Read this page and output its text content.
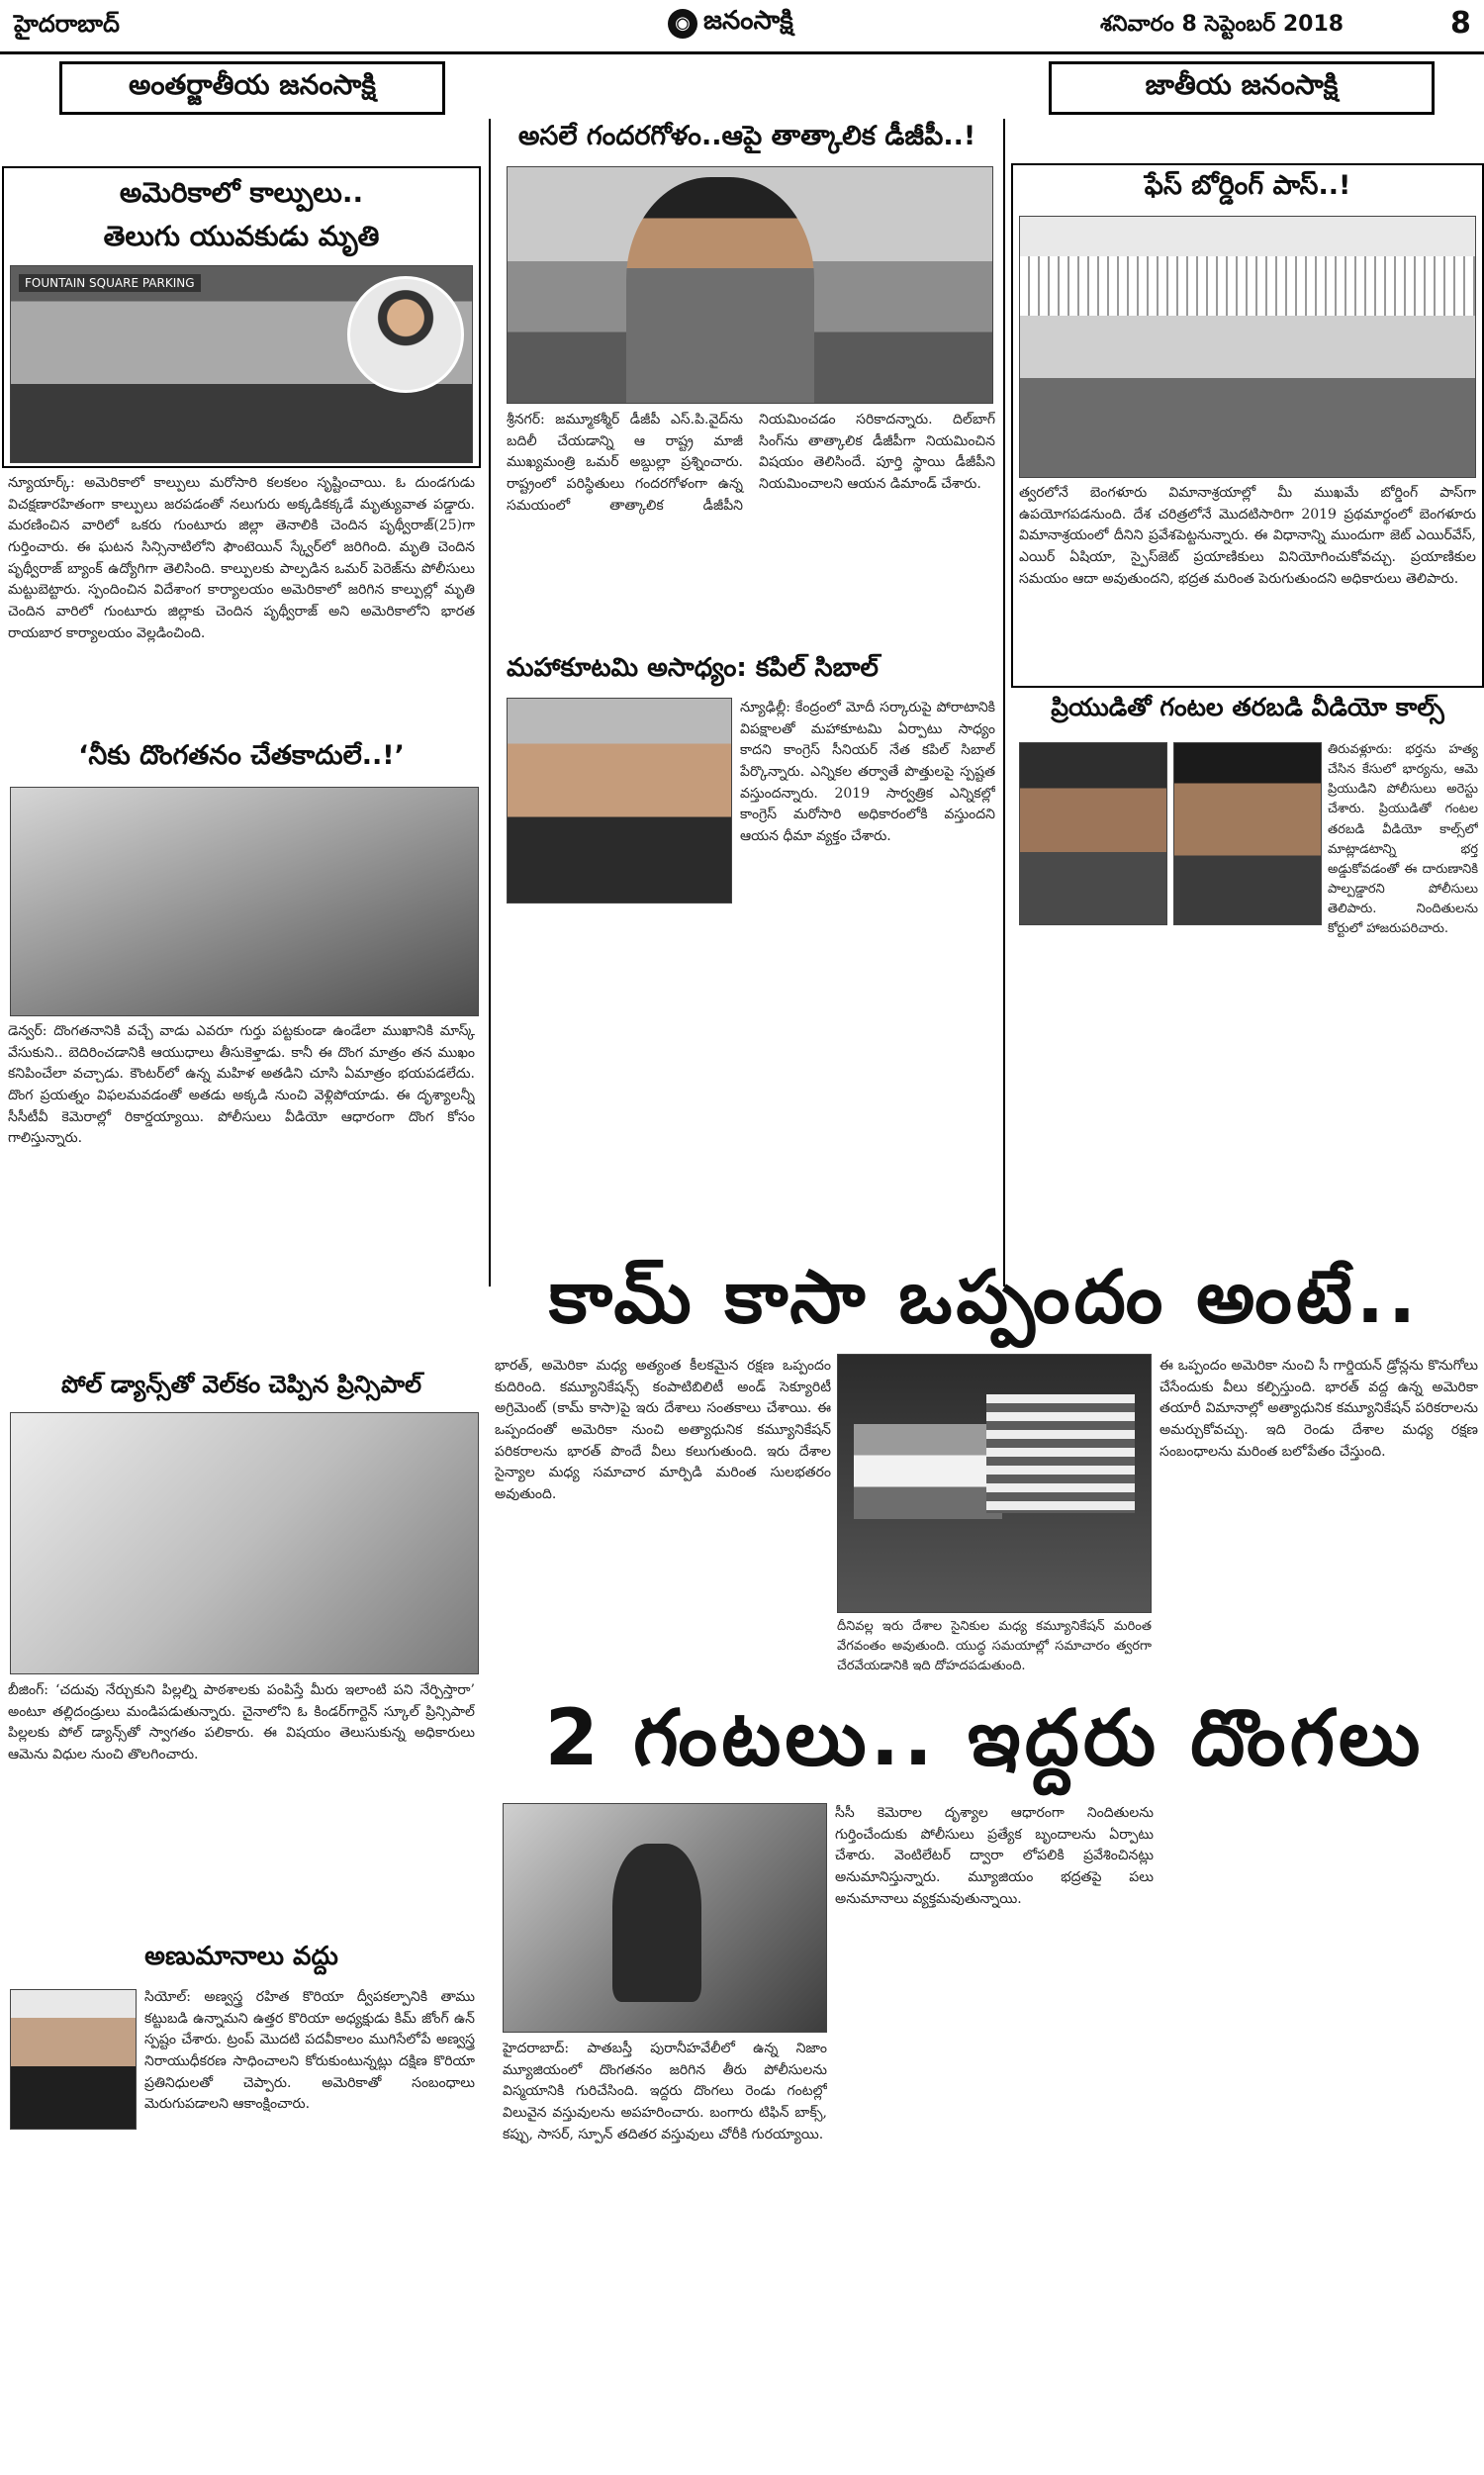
హైదరాబాద్	◉ జనంసాక్షి	శనివారం 8 సెప్టెంబర్ 2018	8
అంతర్జాతీయ జనంసాక్షి	జాతీయ జనంసాక్షి
అమెరికాలో కాల్పులు..
తెలుగు యువకుడు మృతి
FOUNTAIN SQUARE PARKING
న్యూయార్క్‌: అమెరికాలో కాల్పులు మరోసారి కలకలం సృష్టించాయి. ఓ దుండగుడు విచక్షణారహితంగా కాల్పులు జరపడంతో నలుగురు అక్కడికక్కడే మృత్యువాత పడ్డారు. మరణించిన వారిలో ఒకరు గుంటూరు జిల్లా తెనాలికి చెందిన పృథ్వీరాజ్‌(25)గా గుర్తించారు. ఈ ఘటన సిన్సినాటిలోని ఫౌంటెయిన్‌ స్క్వేర్‌లో జరిగింది. మృతి చెందిన పృథ్వీరాజ్‌ బ్యాంక్‌ ఉద్యోగిగా తెలిసింది. కాల్పులకు పాల్పడిన ఒమర్‌ పెరెజ్‌ను పోలీసులు మట్టుబెట్టారు. స్పందించిన విదేశాంగ కార్యాలయం అమెరికాలో జరిగిన కాల్పుల్లో మృతి చెందిన వారిలో గుంటూరు జిల్లాకు చెందిన పృథ్వీరాజ్‌ అని అమెరికాలోని భారత రాయబార కార్యాలయం వెల్లడించింది.
‘నీకు దొంగతనం చేతకాదులే..!’
డెన్వర్‌: దొంగతనానికి వచ్చే వాడు ఎవరూ గుర్తు పట్టకుండా ఉండేలా ముఖానికి మాస్క్‌ వేసుకుని.. బెదిరించడానికి ఆయుధాలు తీసుకెళ్తాడు. కానీ ఈ దొంగ మాత్రం తన ముఖం కనిపించేలా వచ్చాడు. కౌంటర్‌లో ఉన్న మహిళ అతడిని చూసి ఏమాత్రం భయపడలేదు. దొంగ ప్రయత్నం విఫలమవడంతో అతడు అక్కడి నుంచి వెళ్లిపోయాడు. ఈ దృశ్యాలన్నీ సీసీటీవీ కెమెరాల్లో రికార్డయ్యాయి. పోలీసులు వీడియో ఆధారంగా దొంగ కోసం గాలిస్తున్నారు.
పోల్‌ డ్యాన్స్‌తో వెల్‌కం చెప్పిన ప్రిన్సిపాల్‌
బీజింగ్‌: ‘చదువు నేర్చుకుని పిల్లల్ని పాఠశాలకు పంపిస్తే మీరు ఇలాంటి పని నేర్పిస్తారా’ అంటూ తల్లిదండ్రులు మండిపడుతున్నారు. చైనాలోని ఓ కిండర్‌గార్టెన్‌ స్కూల్‌ ప్రిన్సిపాల్‌ పిల్లలకు పోల్‌ డ్యాన్స్‌తో స్వాగతం పలికారు. ఈ విషయం తెలుసుకున్న అధికారులు ఆమెను విధుల నుంచి తొలగించారు.
అణుమానాలు వద్దు
సియోల్‌: అణ్వస్త్ర రహిత కొరియా ద్వీపకల్పానికి తాము కట్టుబడి ఉన్నామని ఉత్తర కొరియా అధ్యక్షుడు కిమ్‌ జోంగ్‌ ఉన్‌ స్పష్టం చేశారు. ట్రంప్‌ మొదటి పదవీకాలం ముగిసేలోపే అణ్వస్త్ర నిరాయుధీకరణ సాధించాలని కోరుకుంటున్నట్లు దక్షిణ కొరియా ప్రతినిధులతో చెప్పారు. అమెరికాతో సంబంధాలు మెరుగుపడాలని ఆకాంక్షించారు.
అసలే గందరగోళం..ఆపై తాత్కాలిక డీజీపీ..!
శ్రీనగర్‌: జమ్మూకశ్మీర్‌ డీజీపీ ఎస్‌.పి.వైద్‌ను బదిలీ చేయడాన్ని ఆ రాష్ట్ర మాజీ ముఖ్యమంత్రి ఒమర్‌ అబ్దుల్లా ప్రశ్నించారు. రాష్ట్రంలో పరిస్థితులు గందరగోళంగా ఉన్న సమయంలో తాత్కాలిక డీజీపీని నియమించడం సరికాదన్నారు. దిల్‌బాగ్‌ సింగ్‌ను తాత్కాలిక డీజీపీగా నియమించిన విషయం తెలిసిందే. పూర్తి స్థాయి డీజీపీని నియమించాలని ఆయన డిమాండ్‌ చేశారు.
మహాకూటమి అసాధ్యం: కపిల్‌ సిబాల్‌
న్యూఢిల్లీ: కేంద్రంలో మోదీ సర్కారుపై పోరాటానికి విపక్షాలతో మహాకూటమి ఏర్పాటు సాధ్యం కాదని కాంగ్రెస్‌ సీనియర్‌ నేత కపిల్‌ సిబాల్‌ పేర్కొన్నారు. ఎన్నికల తర్వాతే పొత్తులపై స్పష్టత వస్తుందన్నారు. 2019 సార్వత్రిక ఎన్నికల్లో కాంగ్రెస్‌ మరోసారి అధికారంలోకి వస్తుందని ఆయన ధీమా వ్యక్తం చేశారు.
ఫేస్‌ బోర్డింగ్‌ పాస్‌..!
త్వరలోనే బెంగళూరు విమానాశ్రయాల్లో మీ ముఖమే బోర్డింగ్‌ పాస్‌గా ఉపయోగపడనుంది. దేశ చరిత్రలోనే మొదటిసారిగా 2019 ప్రథమార్థంలో బెంగళూరు విమానాశ్రయంలో దీనిని ప్రవేశపెట్టనున్నారు. ఈ విధానాన్ని ముందుగా జెట్‌ ఎయిర్‌వేస్‌, ఎయిర్‌ ఏషియా, స్పైస్‌జెట్‌ ప్రయాణికులు వినియోగించుకోవచ్చు. ప్రయాణికుల సమయం ఆదా అవుతుందని, భద్రత మరింత పెరుగుతుందని అధికారులు తెలిపారు.
ప్రియుడితో గంటల తరబడి వీడియో కాల్స్‌
తిరువళ్లూరు: భర్తను హత్య చేసిన కేసులో భార్యను, ఆమె ప్రియుడిని పోలీసులు అరెస్టు చేశారు. ప్రియుడితో గంటల తరబడి వీడియో కాల్స్‌లో మాట్లాడటాన్ని భర్త అడ్డుకోవడంతో ఈ దారుణానికి పాల్పడ్డారని పోలీసులు తెలిపారు. నిందితులను కోర్టులో హాజరుపరిచారు.
కామ్‌ కాసా ఒప్పందం అంటే..
భారత్‌, అమెరికా మధ్య అత్యంత కీలకమైన రక్షణ ఒప్పందం కుదిరింది. కమ్యూనికేషన్స్‌ కంపాటిబిలిటీ అండ్‌ సెక్యూరిటీ అగ్రిమెంట్‌ (కామ్‌ కాసా)పై ఇరు దేశాలు సంతకాలు చేశాయి. ఈ ఒప్పందంతో అమెరికా నుంచి అత్యాధునిక కమ్యూనికేషన్‌ పరికరాలను భారత్‌ పొందే వీలు కలుగుతుంది. ఇరు దేశాల సైన్యాల మధ్య సమాచార మార్పిడి మరింత సులభతరం అవుతుంది.
దీనివల్ల ఇరు దేశాల సైనికుల మధ్య కమ్యూనికేషన్‌ మరింత వేగవంతం అవుతుంది. యుద్ధ సమయాల్లో సమాచారం త్వరగా చేరవేయడానికి ఇది దోహదపడుతుంది.
ఈ ఒప్పందం అమెరికా నుంచి సీ గార్డియన్‌ డ్రోన్లను కొనుగోలు చేసేందుకు వీలు కల్పిస్తుంది. భారత్‌ వద్ద ఉన్న అమెరికా తయారీ విమానాల్లో అత్యాధునిక కమ్యూనికేషన్‌ పరికరాలను అమర్చుకోవచ్చు. ఇది రెండు దేశాల మధ్య రక్షణ సంబంధాలను మరింత బలోపేతం చేస్తుంది.
2 గంటలు.. ఇద్దరు దొంగలు
హైదరాబాద్‌: పాతబస్తీ పురానీహవేలీలో ఉన్న నిజాం మ్యూజియంలో దొంగతనం జరిగిన తీరు పోలీసులను విస్మయానికి గురిచేసింది. ఇద్దరు దొంగలు రెండు గంటల్లో విలువైన వస్తువులను అపహరించారు. బంగారు టిఫిన్‌ బాక్స్‌, కప్పు, సాసర్‌, స్పూన్‌ తదితర వస్తువులు చోరీకి గురయ్యాయి.
సీసీ కెమెరాల దృశ్యాల ఆధారంగా నిందితులను గుర్తించేందుకు పోలీసులు ప్రత్యేక బృందాలను ఏర్పాటు చేశారు. వెంటిలేటర్‌ ద్వారా లోపలికి ప్రవేశించినట్లు అనుమానిస్తున్నారు. మ్యూజియం భద్రతపై పలు అనుమానాలు వ్యక్తమవుతున్నాయి.
